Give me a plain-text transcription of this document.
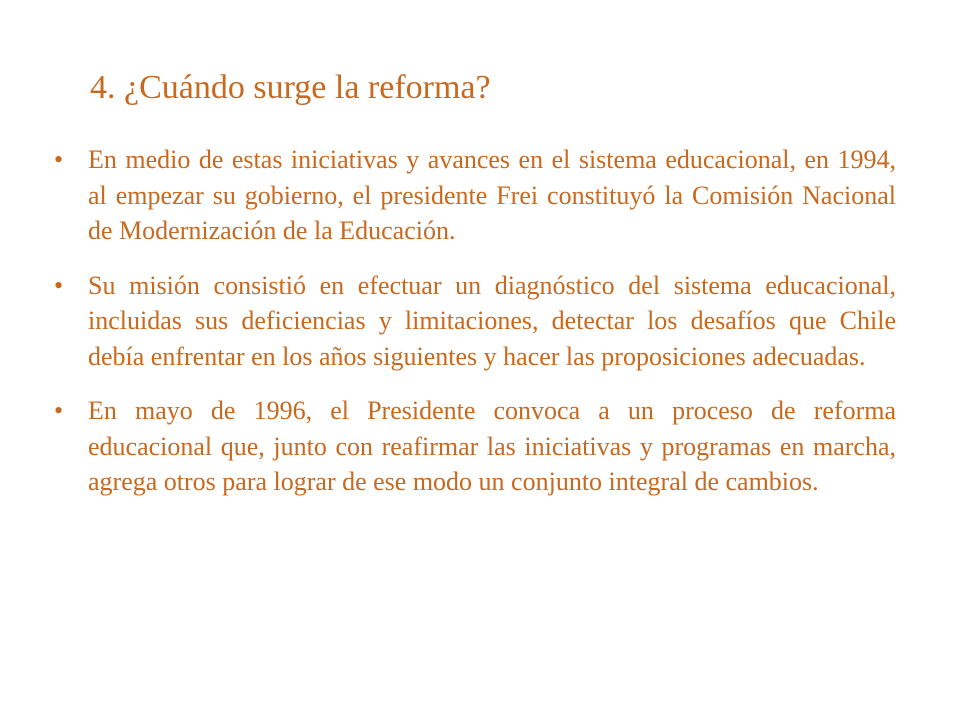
4. ¿Cuándo surge la reforma?
• En medio de estas iniciativas y avances en el sistema educacional, en 1994, al empezar su gobierno, el presidente Frei constituyó la Comisión Nacional de Modernización de la Educación.
• Su misión consistió en efectuar un diagnóstico del sistema educacional, incluidas sus deficiencias y limitaciones, detectar los desafíos que Chile debía enfrentar en los años siguientes y hacer las proposiciones adecuadas.
• En mayo de 1996, el Presidente convoca a un proceso de reforma educacional que, junto con reafirmar las iniciativas y programas en marcha, agrega otros para lograr de ese modo un conjunto integral de cambios.
